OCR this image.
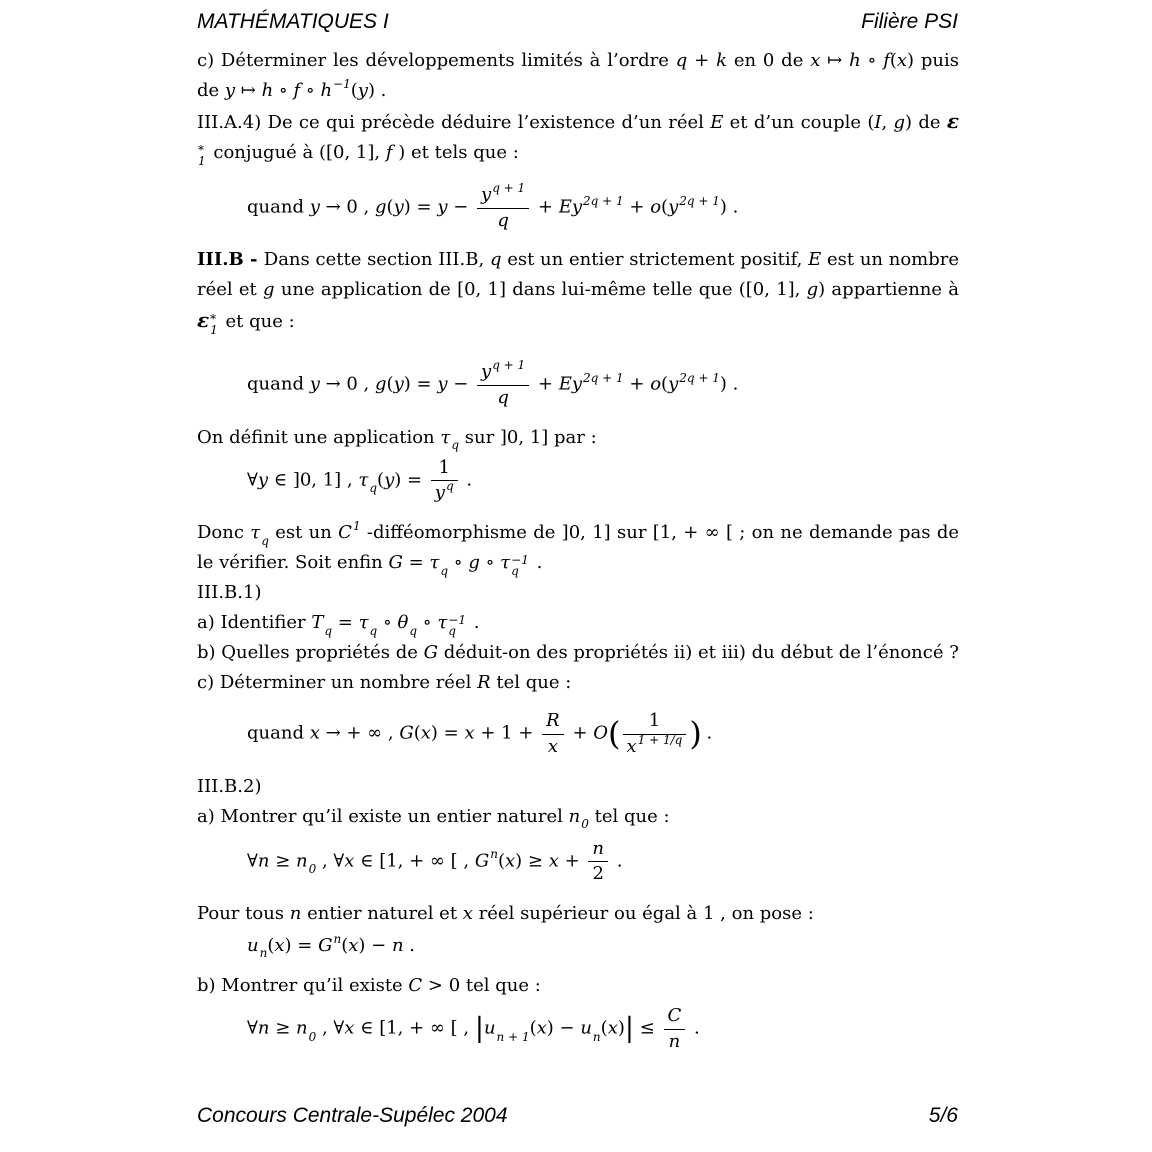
MATHÉMATIQUES I	Filière PSI

c) Déterminer les développements limités à l’ordre q + k en 0 de x ↦ h ∘ f(x) puis de y ↦ h ∘ f ∘ $h^{-1}(y)$ .

III.A.4) De ce qui précède déduire l’existence d’un réel E et d’un couple (I, g) de ε
*
1 conjugué à ([0, 1], f ) et tels que :

quand y → 0 , $g(y) = y - \frac{y^{q + 1}}{q} + Ey^{2q + 1} + o(y^{2q + 1})$ .

III.B - Dans cette section III.B, q est un entier strictement positif, E est un nombre réel et g une application de [0, 1] dans lui-même telle que ([0, 1], g) appartienne à ε *
1 et que :

quand y → 0 , $g(y) = y - \frac{y^{q + 1}}{q} + Ey^{2q + 1} + o(y^{2q + 1})$ .

On définit une application $\tau_q$ sur ]0, 1] par :

∀y ∈ ]0, 1] , $\tau_q(y) = \frac{1}{y^q}$ .

Donc $\tau_q$ est un $C^1$ -difféomorphisme de ]0, 1] sur [1, + ∞ [ ; on ne demande pas de le vérifier. Soit enfin $G = \tau_q$ ∘ g ∘ τ −1
q .

III.B.1)

a) Identifier $T_q = \tau_q$ ∘ $\theta_q$ ∘ τ −1
q .

b) Quelles propriétés de G déduit-on des propriétés ii) et iii) du début de l’énoncé ?

c) Déterminer un nombre réel R tel que :

quand x → + ∞ , $G(x) = x + 1 + \frac{R}{x} + O( \frac{1}{x^{1 + 1/q}}$ ) .

III.B.2)

a) Montrer qu’il existe un entier naturel $n_0$ tel que :

∀n ≥ $n_0$ , ∀x ∈ [1, + ∞ [ , $G^n(x) \ge x + \frac{n}{2}$ .

Pour tous n entier naturel et x réel supérieur ou égal à 1 , on pose :

$u_n(x) = G^n(x) - n$ .

b) Montrer qu’il existe C > 0 tel que :

∀n ≥ $n_0$ , ∀x ∈ [1, + ∞ [ , $|u_{n + 1}(x) - u_n(x)| \le \frac{C}{n}$ .
Concours Centrale-Supélec 2004	5/6
